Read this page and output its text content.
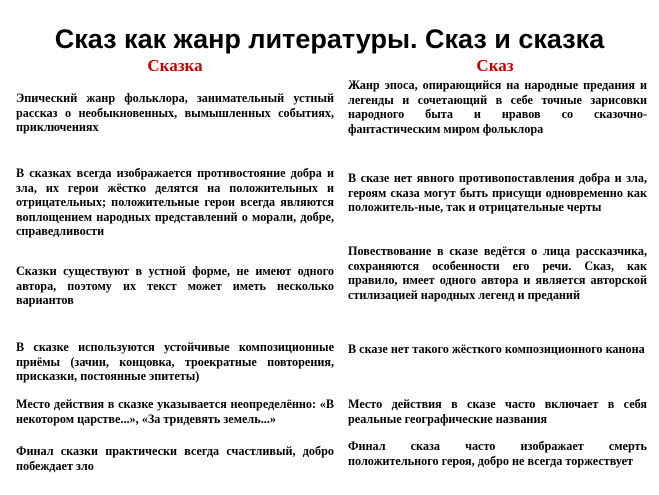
Сказ как жанр литературы. Сказ и сказка
Сказка	Сказ
Эпический жанр фольклора, занимательный устный рассказ о необыкновенных, вымышленных событиях, приключениях
Жанр эпоса, опирающийся на народные предания и легенды и сочетающий в себе точные зарисовки народного быта и нравов со сказочно-фантастическим миром фольклора
В сказках всегда изображается противостояние добра и зла, их герои жёстко делятся на положительных и отрицательных; положительные герои всегда являются воплощением народных представлений о морали, добре, справедливости
В сказе нет явного противопоставления добра и зла, героям сказа могут быть присущи одновременно как положитель-ные, так и отрицательные черты
Сказки существуют в устной форме, не имеют одного автора, поэтому их текст может иметь несколько вариантов
Повествование в сказе ведётся о лица рассказчика, сохраняются особенности его речи. Сказ, как правило, имеет одного автора и является авторской стилизацией народных легенд и преданий
В сказке используются устойчивые композиционные приёмы (зачин, концовка, троекратные повторения, присказки, постоянные эпитеты)
В сказе нет такого жёсткого композиционного канона
Место действия в сказке указывается неопределённо: «В некотором царстве...», «За тридевять земель...»
Место действия в сказе часто включает в себя реальные географические названия
Финал сказки практически всегда счастливый, добро побеждает зло
Финал сказа часто изображает смерть положительного героя, добро не всегда торжествует
